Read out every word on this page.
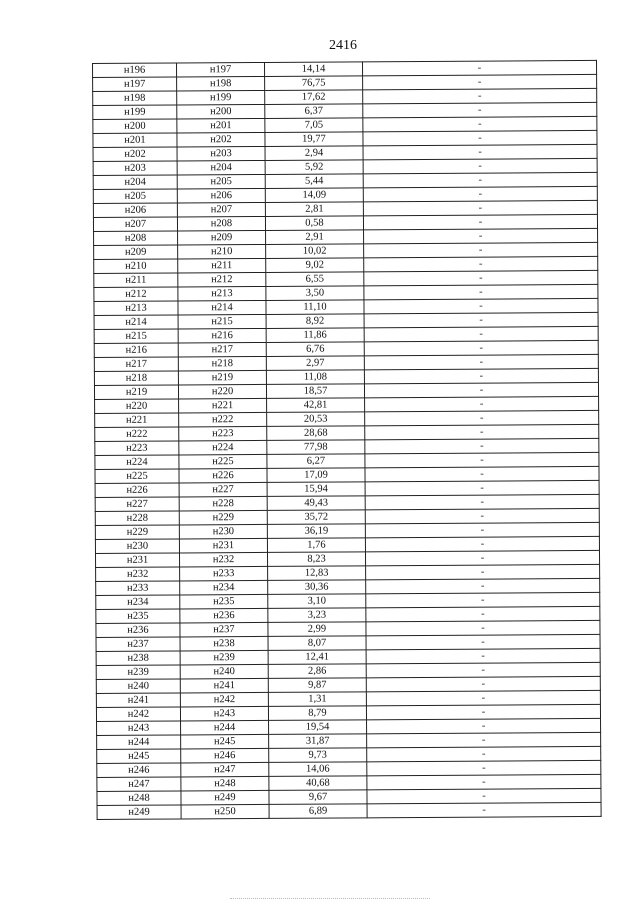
2416
н196	н197	14,14	-
н197	н198	76,75	-
н198	н199	17,62	-
н199	н200	6,37	-
н200	н201	7,05	-
н201	н202	19,77	-
н202	н203	2,94	-
н203	н204	5,92	-
н204	н205	5,44	-
н205	н206	14,09	-
н206	н207	2,81	-
н207	н208	0,58	-
н208	н209	2,91	-
н209	н210	10,02	-
н210	н211	9,02	-
н211	н212	6,55	-
н212	н213	3,50	-
н213	н214	11,10	-
н214	н215	8,92	-
н215	н216	11,86	-
н216	н217	6,76	-
н217	н218	2,97	-
н218	н219	11,08	-
н219	н220	18,57	-
н220	н221	42,81	-
н221	н222	20,53	-
н222	н223	28,68	-
н223	н224	77,98	-
н224	н225	6,27	-
н225	н226	17,09	-
н226	н227	15,94	-
н227	н228	49,43	-
н228	н229	35,72	-
н229	н230	36,19	-
н230	н231	1,76	-
н231	н232	8,23	-
н232	н233	12,83	-
н233	н234	30,36	-
н234	н235	3,10	-
н235	н236	3,23	-
н236	н237	2,99	-
н237	н238	8,07	-
н238	н239	12,41	-
н239	н240	2,86	-
н240	н241	9,87	-
н241	н242	1,31	-
н242	н243	8,79	-
н243	н244	19,54	-
н244	н245	31,87	-
н245	н246	9,73	-
н246	н247	14,06	-
н247	н248	40,68	-
н248	н249	9,67	-
н249	н250	6,89	-
